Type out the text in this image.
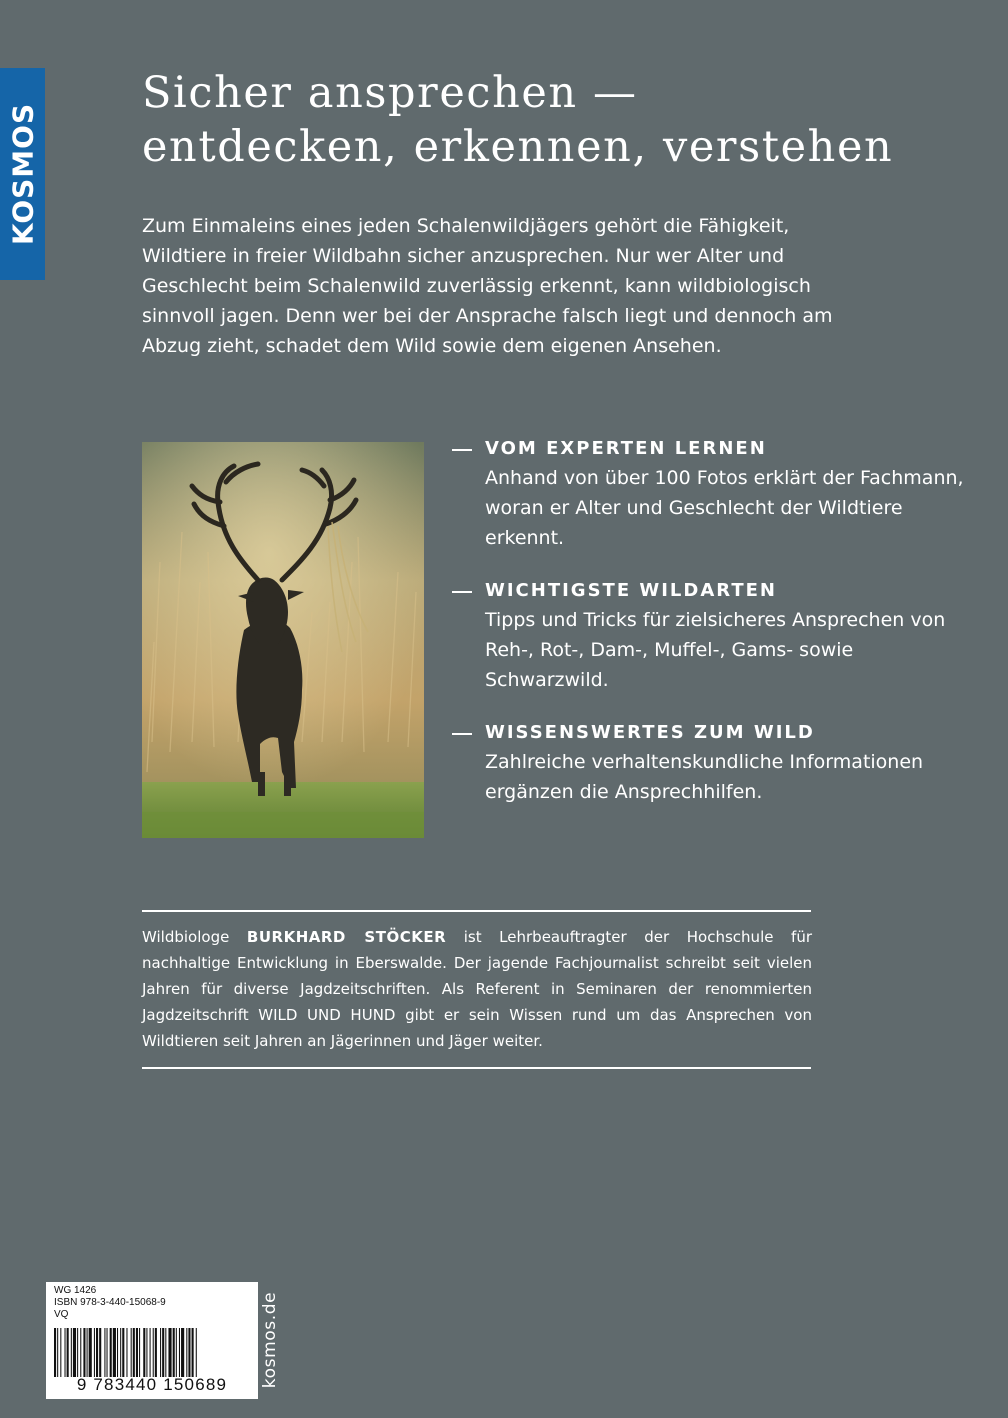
KOSMOS
Sicher ansprechen —
entdecken, erkennen, verstehen

Zum Einmaleins eines jeden Schalenwildjägers gehört die Fähigkeit, Wildtiere in freier Wildbahn sicher anzusprechen. Nur wer Alter und Geschlecht beim Schalenwild zuverlässig erkennt, kann wildbiologisch sinnvoll jagen. Denn wer bei der Ansprache falsch liegt und dennoch am Abzug zieht, schadet dem Wild sowie dem eigenen Ansehen.

VOM EXPERTEN LERNEN
Anhand von über 100 Fotos erklärt der Fachmann, woran er Alter und Geschlecht der Wildtiere erkennt.
WICHTIGSTE WILDARTEN
Tipps und Tricks für zielsicheres Ansprechen von Reh-, Rot-, Dam-, Muffel-, Gams- sowie Schwarzwild.
WISSENSWERTES ZUM WILD
Zahlreiche verhaltenskundliche Informationen ergänzen die Ansprechhilfen.

Wildbiologe BURKHARD STÖCKER ist Lehrbeauftragter der Hochschule für nachhaltige Entwicklung in Eberswalde. Der jagende Fachjournalist schreibt seit vielen Jahren für diverse Jagdzeitschriften. Als Referent in Seminaren der renommierten Jagdzeitschrift WILD UND HUND gibt er sein Wissen rund um das Ansprechen von Wildtieren seit Jahren an Jägerinnen und Jäger weiter.

WG 1426
ISBN 978-3-440-15068-9
VQ
9 783440 150689	kosmos.de
